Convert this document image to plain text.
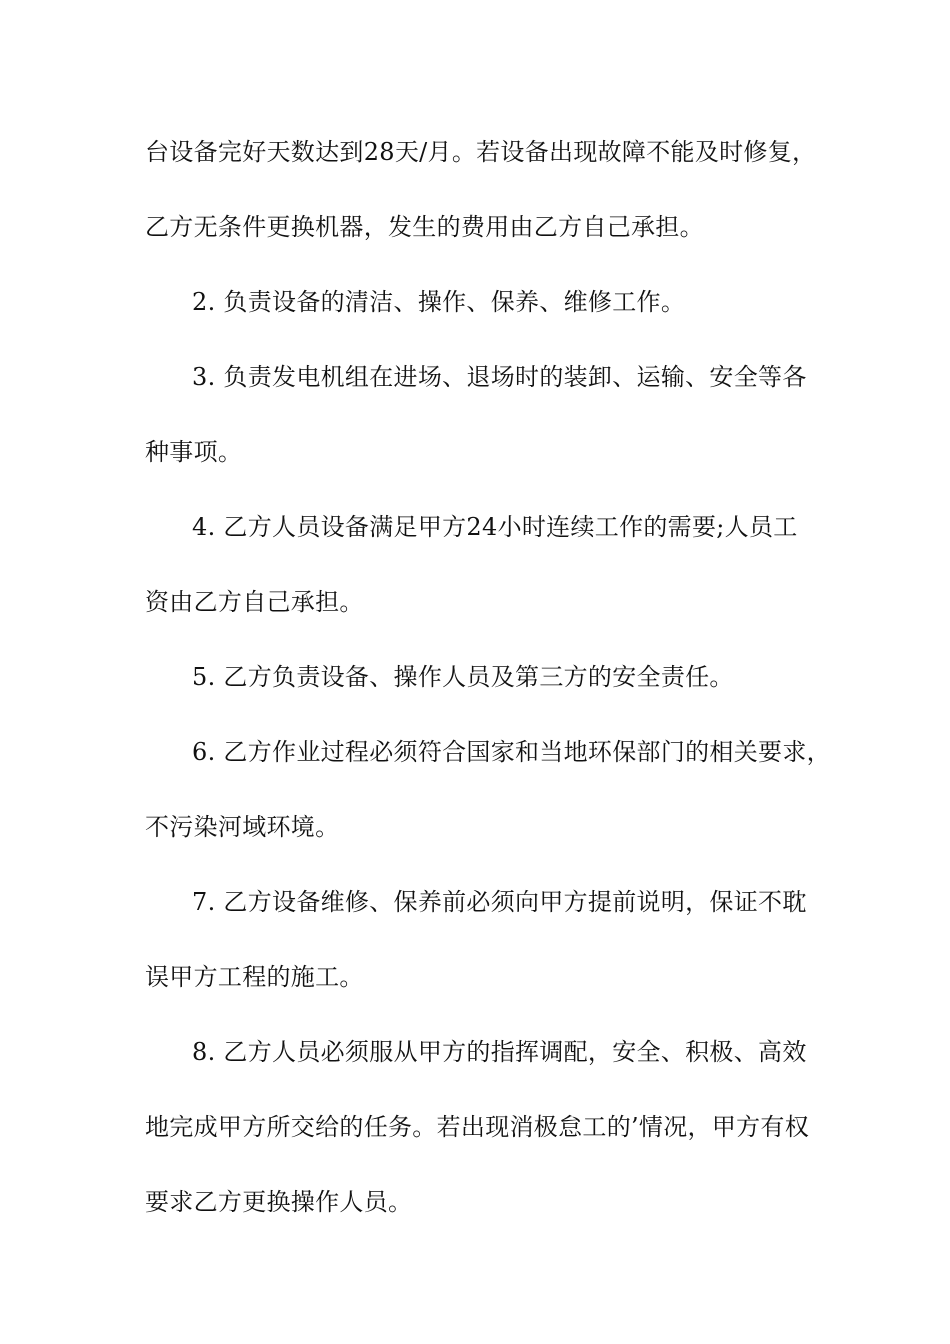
台设备完好天数达到28天/月。若设备出现故障不能及时修复，
乙方无条件更换机器，发生的费用由乙方自己承担。
2. 负责设备的清洁、操作、保养、维修工作。
3. 负责发电机组在进场、退场时的装卸、运输、安全等各
种事项。
4. 乙方人员设备满足甲方24小时连续工作的需要;人员工
资由乙方自己承担。
5. 乙方负责设备、操作人员及第三方的安全责任。
6. 乙方作业过程必须符合国家和当地环保部门的相关要求，
不污染河域环境。
7. 乙方设备维修、保养前必须向甲方提前说明，保证不耽
误甲方工程的施工。
8. 乙方人员必须服从甲方的指挥调配，安全、积极、高效
地完成甲方所交给的任务。若出现消极怠工的’情况，甲方有权
要求乙方更换操作人员。
